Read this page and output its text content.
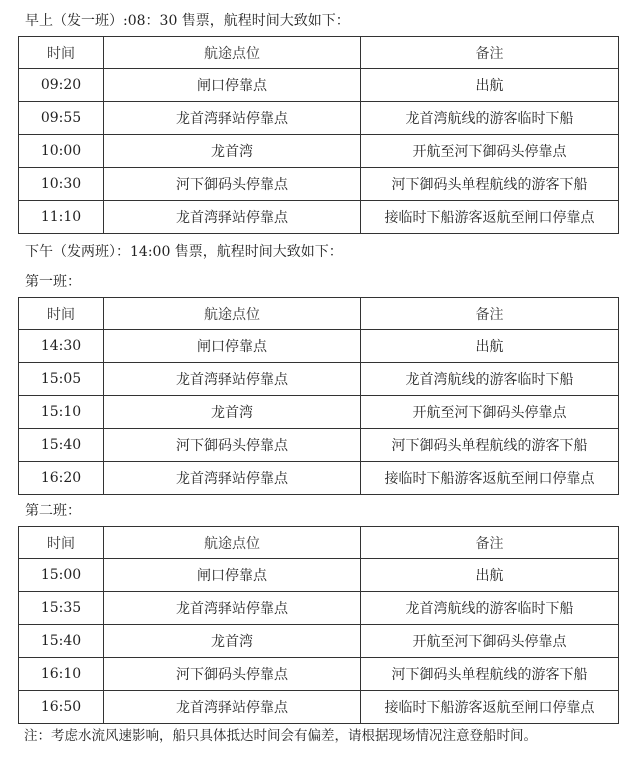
早上（发一班）:08：30 售票，航程时间大致如下：
时间	航途点位	备注
09:20	闸口停靠点	出航
09:55	龙首湾驿站停靠点	龙首湾航线的游客临时下船
10:00	龙首湾	开航至河下御码头停靠点
10:30	河下御码头停靠点	河下御码头单程航线的游客下船
11:10	龙首湾驿站停靠点	接临时下船游客返航至闸口停靠点
下午（发两班）：14:00 售票，航程时间大致如下：
第一班：
时间	航途点位	备注
14:30	闸口停靠点	出航
15:05	龙首湾驿站停靠点	龙首湾航线的游客临时下船
15:10	龙首湾	开航至河下御码头停靠点
15:40	河下御码头停靠点	河下御码头单程航线的游客下船
16:20	龙首湾驿站停靠点	接临时下船游客返航至闸口停靠点
第二班：
时间	航途点位	备注
15:00	闸口停靠点	出航
15:35	龙首湾驿站停靠点	龙首湾航线的游客临时下船
15:40	龙首湾	开航至河下御码头停靠点
16:10	河下御码头停靠点	河下御码头单程航线的游客下船
16:50	龙首湾驿站停靠点	接临时下船游客返航至闸口停靠点
注：考虑水流风速影响，船只具体抵达时间会有偏差，请根据现场情况注意登船时间。
